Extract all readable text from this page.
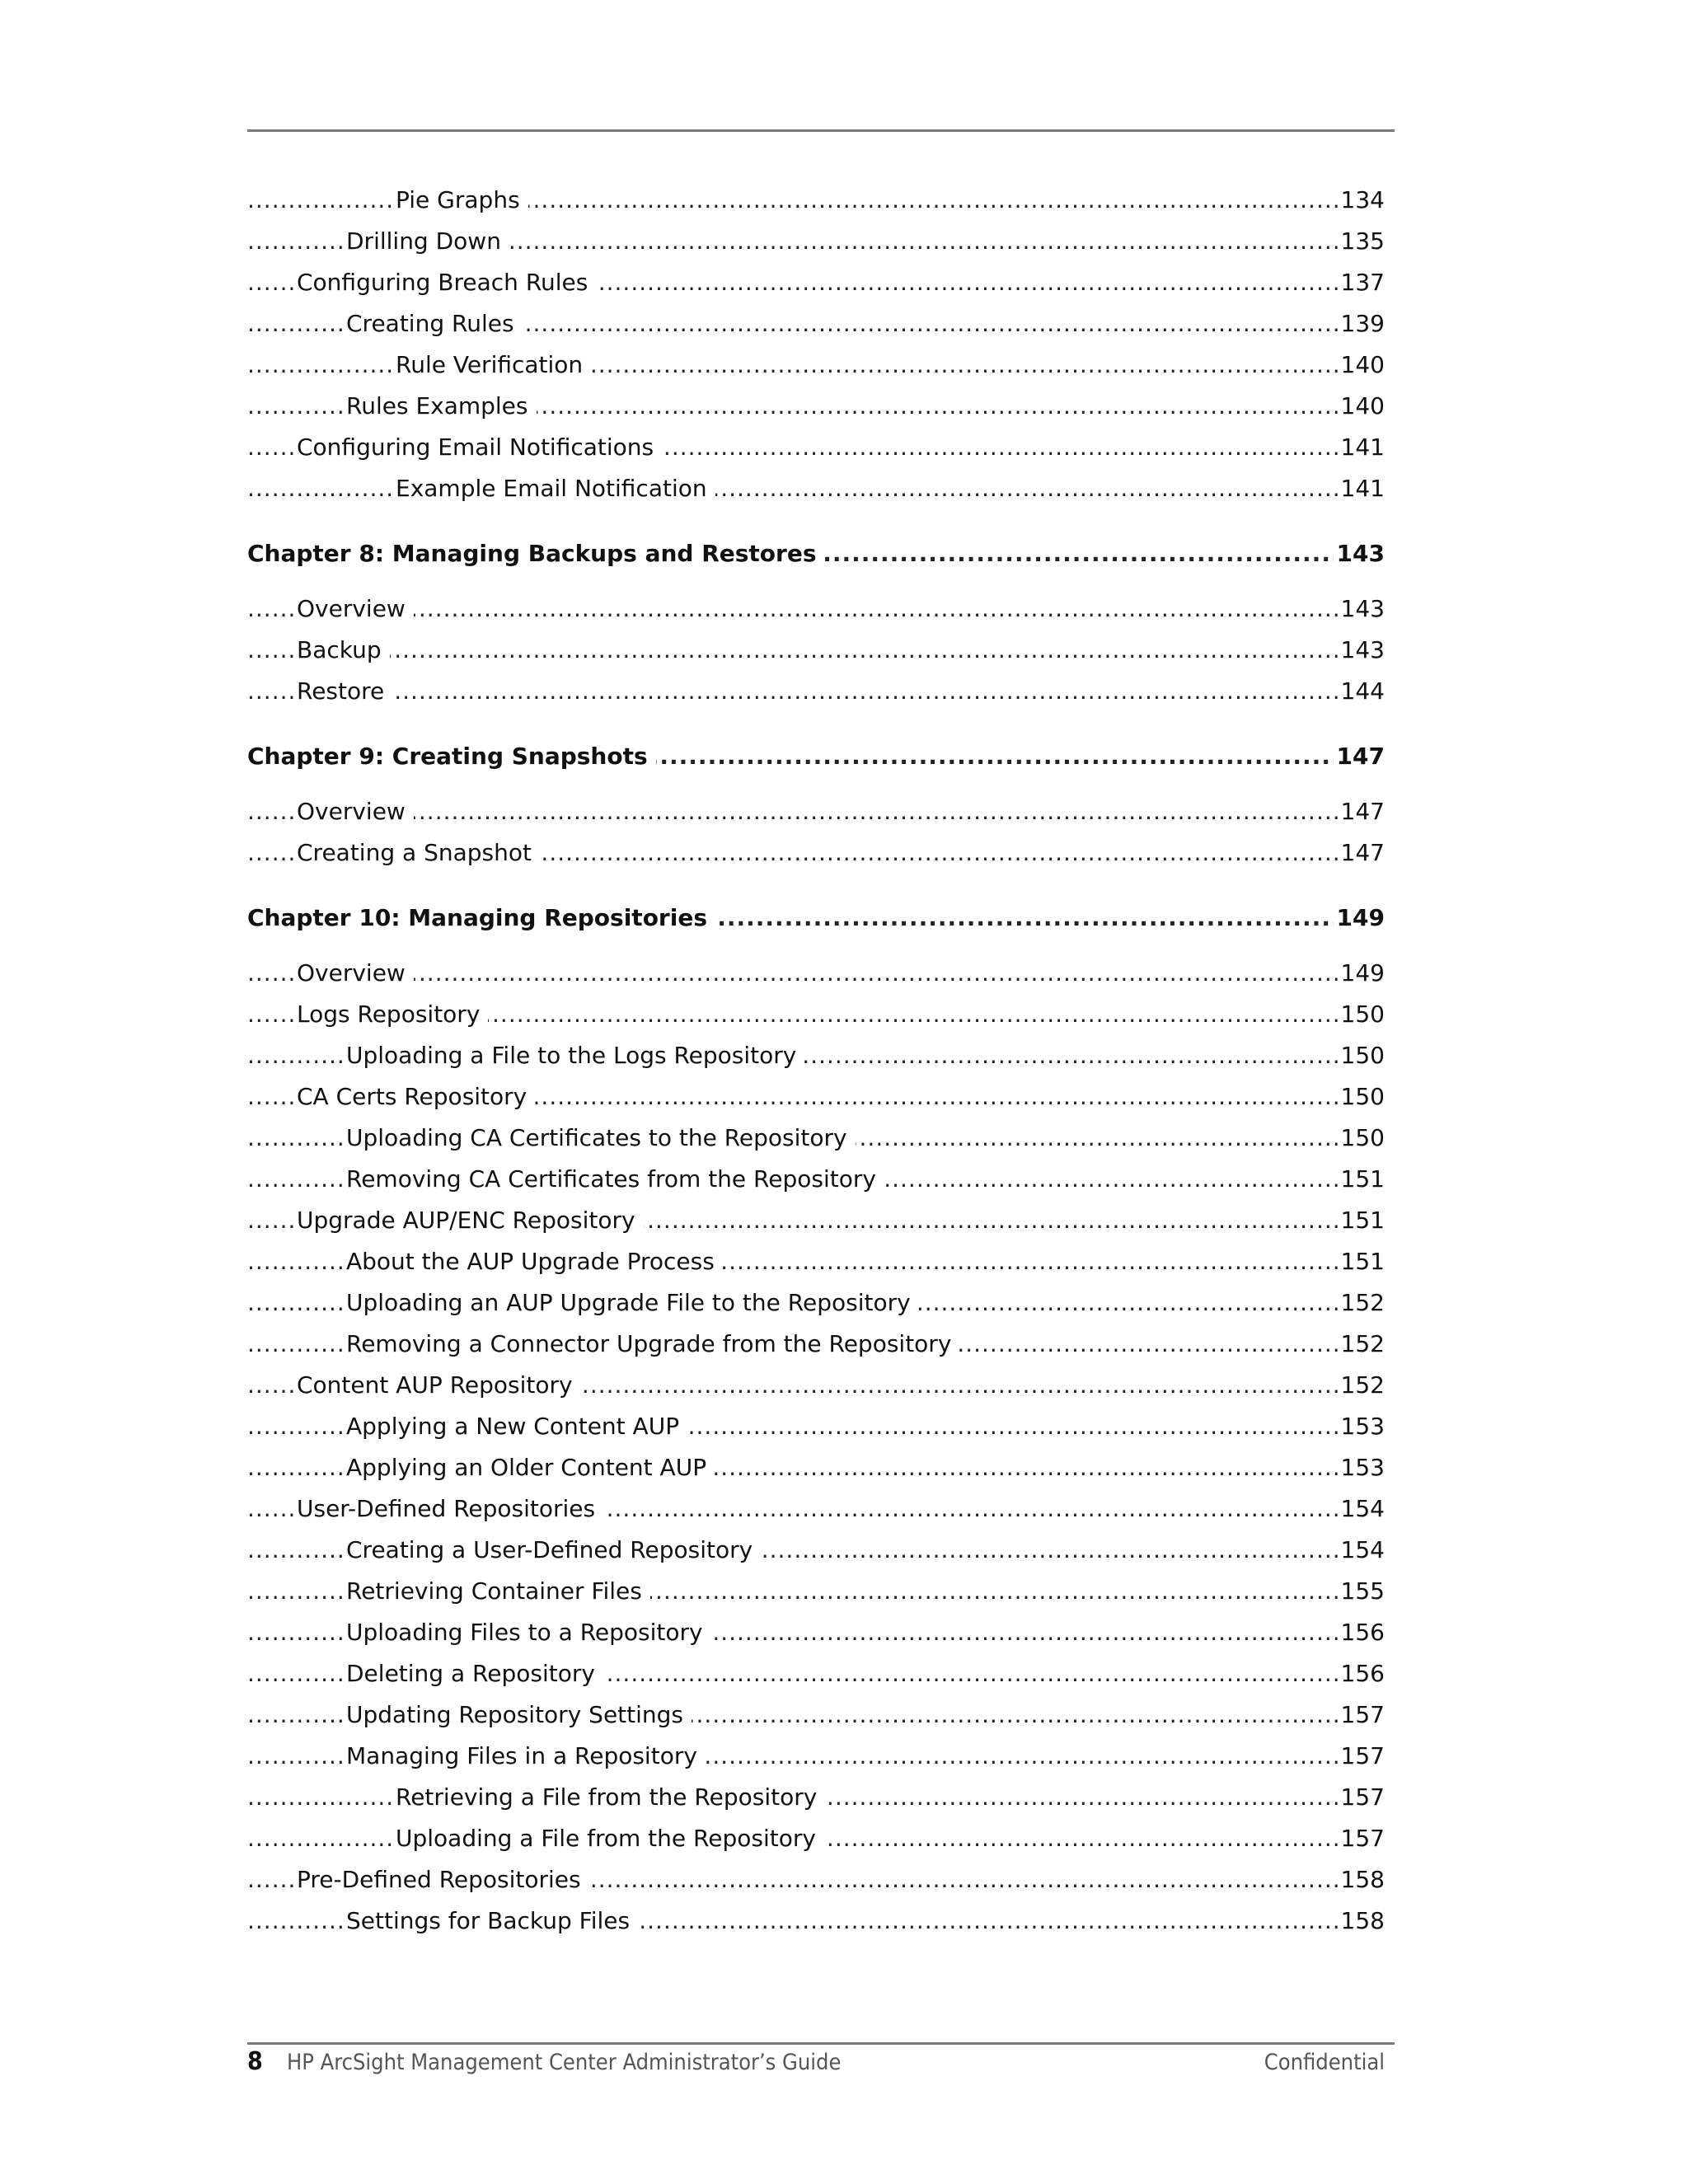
..... Pie Graphs	134
..... Drilling Down	135
..... Configuring Breach Rules	137
..... Creating Rules	139
..... Rule Verification	140
..... Rules Examples	140
..... Configuring Email Notifications	141
..... Example Email Notification	141
..... Chapter 8: Managing Backups and Restores	143
..... Overview	143
..... Backup	143
..... Restore	144
..... Chapter 9: Creating Snapshots	147
..... Overview	147
..... Creating a Snapshot	147
..... Chapter 10: Managing Repositories	149
..... Overview	149
..... Logs Repository	150
..... Uploading a File to the Logs Repository	150
..... CA Certs Repository	150
..... Uploading CA Certificates to the Repository	150
..... Removing CA Certificates from the Repository	151
..... Upgrade AUP/ENC Repository	151
..... About the AUP Upgrade Process	151
..... Uploading an AUP Upgrade File to the Repository	152
..... Removing a Connector Upgrade from the Repository	152
..... Content AUP Repository	152
..... Applying a New Content AUP	153
..... Applying an Older Content AUP	153
..... User-Defined Repositories	154
..... Creating a User-Defined Repository	154
..... Retrieving Container Files	155
..... Uploading Files to a Repository	156
..... Deleting a Repository	156
..... Updating Repository Settings	157
..... Managing Files in a Repository	157
..... Retrieving a File from the Repository	157
..... Uploading a File from the Repository	157
..... Pre-Defined Repositories	158
..... Settings for Backup Files	158
8 HP ArcSight Management Center Administrator’s Guide	Confidential
